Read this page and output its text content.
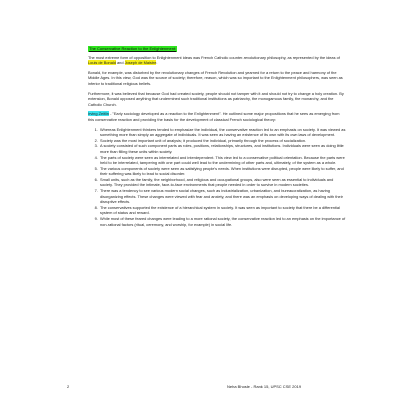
The Conservative Reaction to the Enlightenment:

The most extreme form of opposition to Enlightenment ideas was French Catholic counter-revolutionary philosophy, as represented by the ideas of Louis de Bonald and Joseph de Maistre.

Bonald, for example, was disturbed by the revolutionary changes of French Revolution and yearned for a return to the peace and harmony of the Middle Ages. In this view, God was the source of society; therefore, reason, which was so important to the Enlightenment philosophers, was seen as inferior to traditional religious beliefs.

Furthermore, it was believed that because God had created society, people should not tamper with it and should not try to change a holy creation. By extension, Bonald opposed anything that undermined such traditional institutions as patriarchy, the monogamous family, the monarchy, and the Catholic Church.

Irving Zeitlin - "Early sociology developed as a reaction to the Enlightenment". He outlined some major propositions that he sees as emerging from this conservative reaction and providing the basis for the development of classical French sociological theory:

1. Whereas Enlightenment thinkers tended to emphasize the individual, the conservative reaction led to an emphasis on society. It was viewed as something more than simply an aggregate of individuals. It was seen as having an existence of its own with its own laws of development.
2. Society was the most important unit of analysis; it produced the individual, primarily through the process of socialization.
3. A society consisted of such component parts as roles, positions, relationships, structures, and institutions. Individuals were seen as doing little more than filling these units within society.
4. The parts of society were seen as interrelated and interdependent. This view led to a conservative political orientation. Because the parts were held to be interrelated, tampering with one part could well lead to the undermining of other parts and, ultimately, of the system as a whole.
5. The various components of society were seen as satisfying people's needs. When institutions were disrupted, people were likely to suffer, and their suffering was likely to lead to social disorder.
6. Small units, such as the family, the neighborhood, and religious and occupational groups, also were seen as essential to individuals and society. They provided the intimate, face-to-face environments that people needed in order to survive in modern societies.
7. There was a tendency to see various modern social changes, such as industrialization, urbanization, and bureaucratization, as having disorganizing effects. These changes were viewed with fear and anxiety, and there was an emphasis on developing ways of dealing with their disruptive effects.
8. The conservatives supported the existence of a hierarchical system in society. It was seen as important to society that there be a differential system of status and reward.
9. While most of these feared changes were leading to a more rational society, the conservative reaction led to an emphasis on the importance of non-rational factors (ritual, ceremony, and worship, for example) in social life.
2	Neha Bhosle - Rank 15, UPSC CSE 2019
